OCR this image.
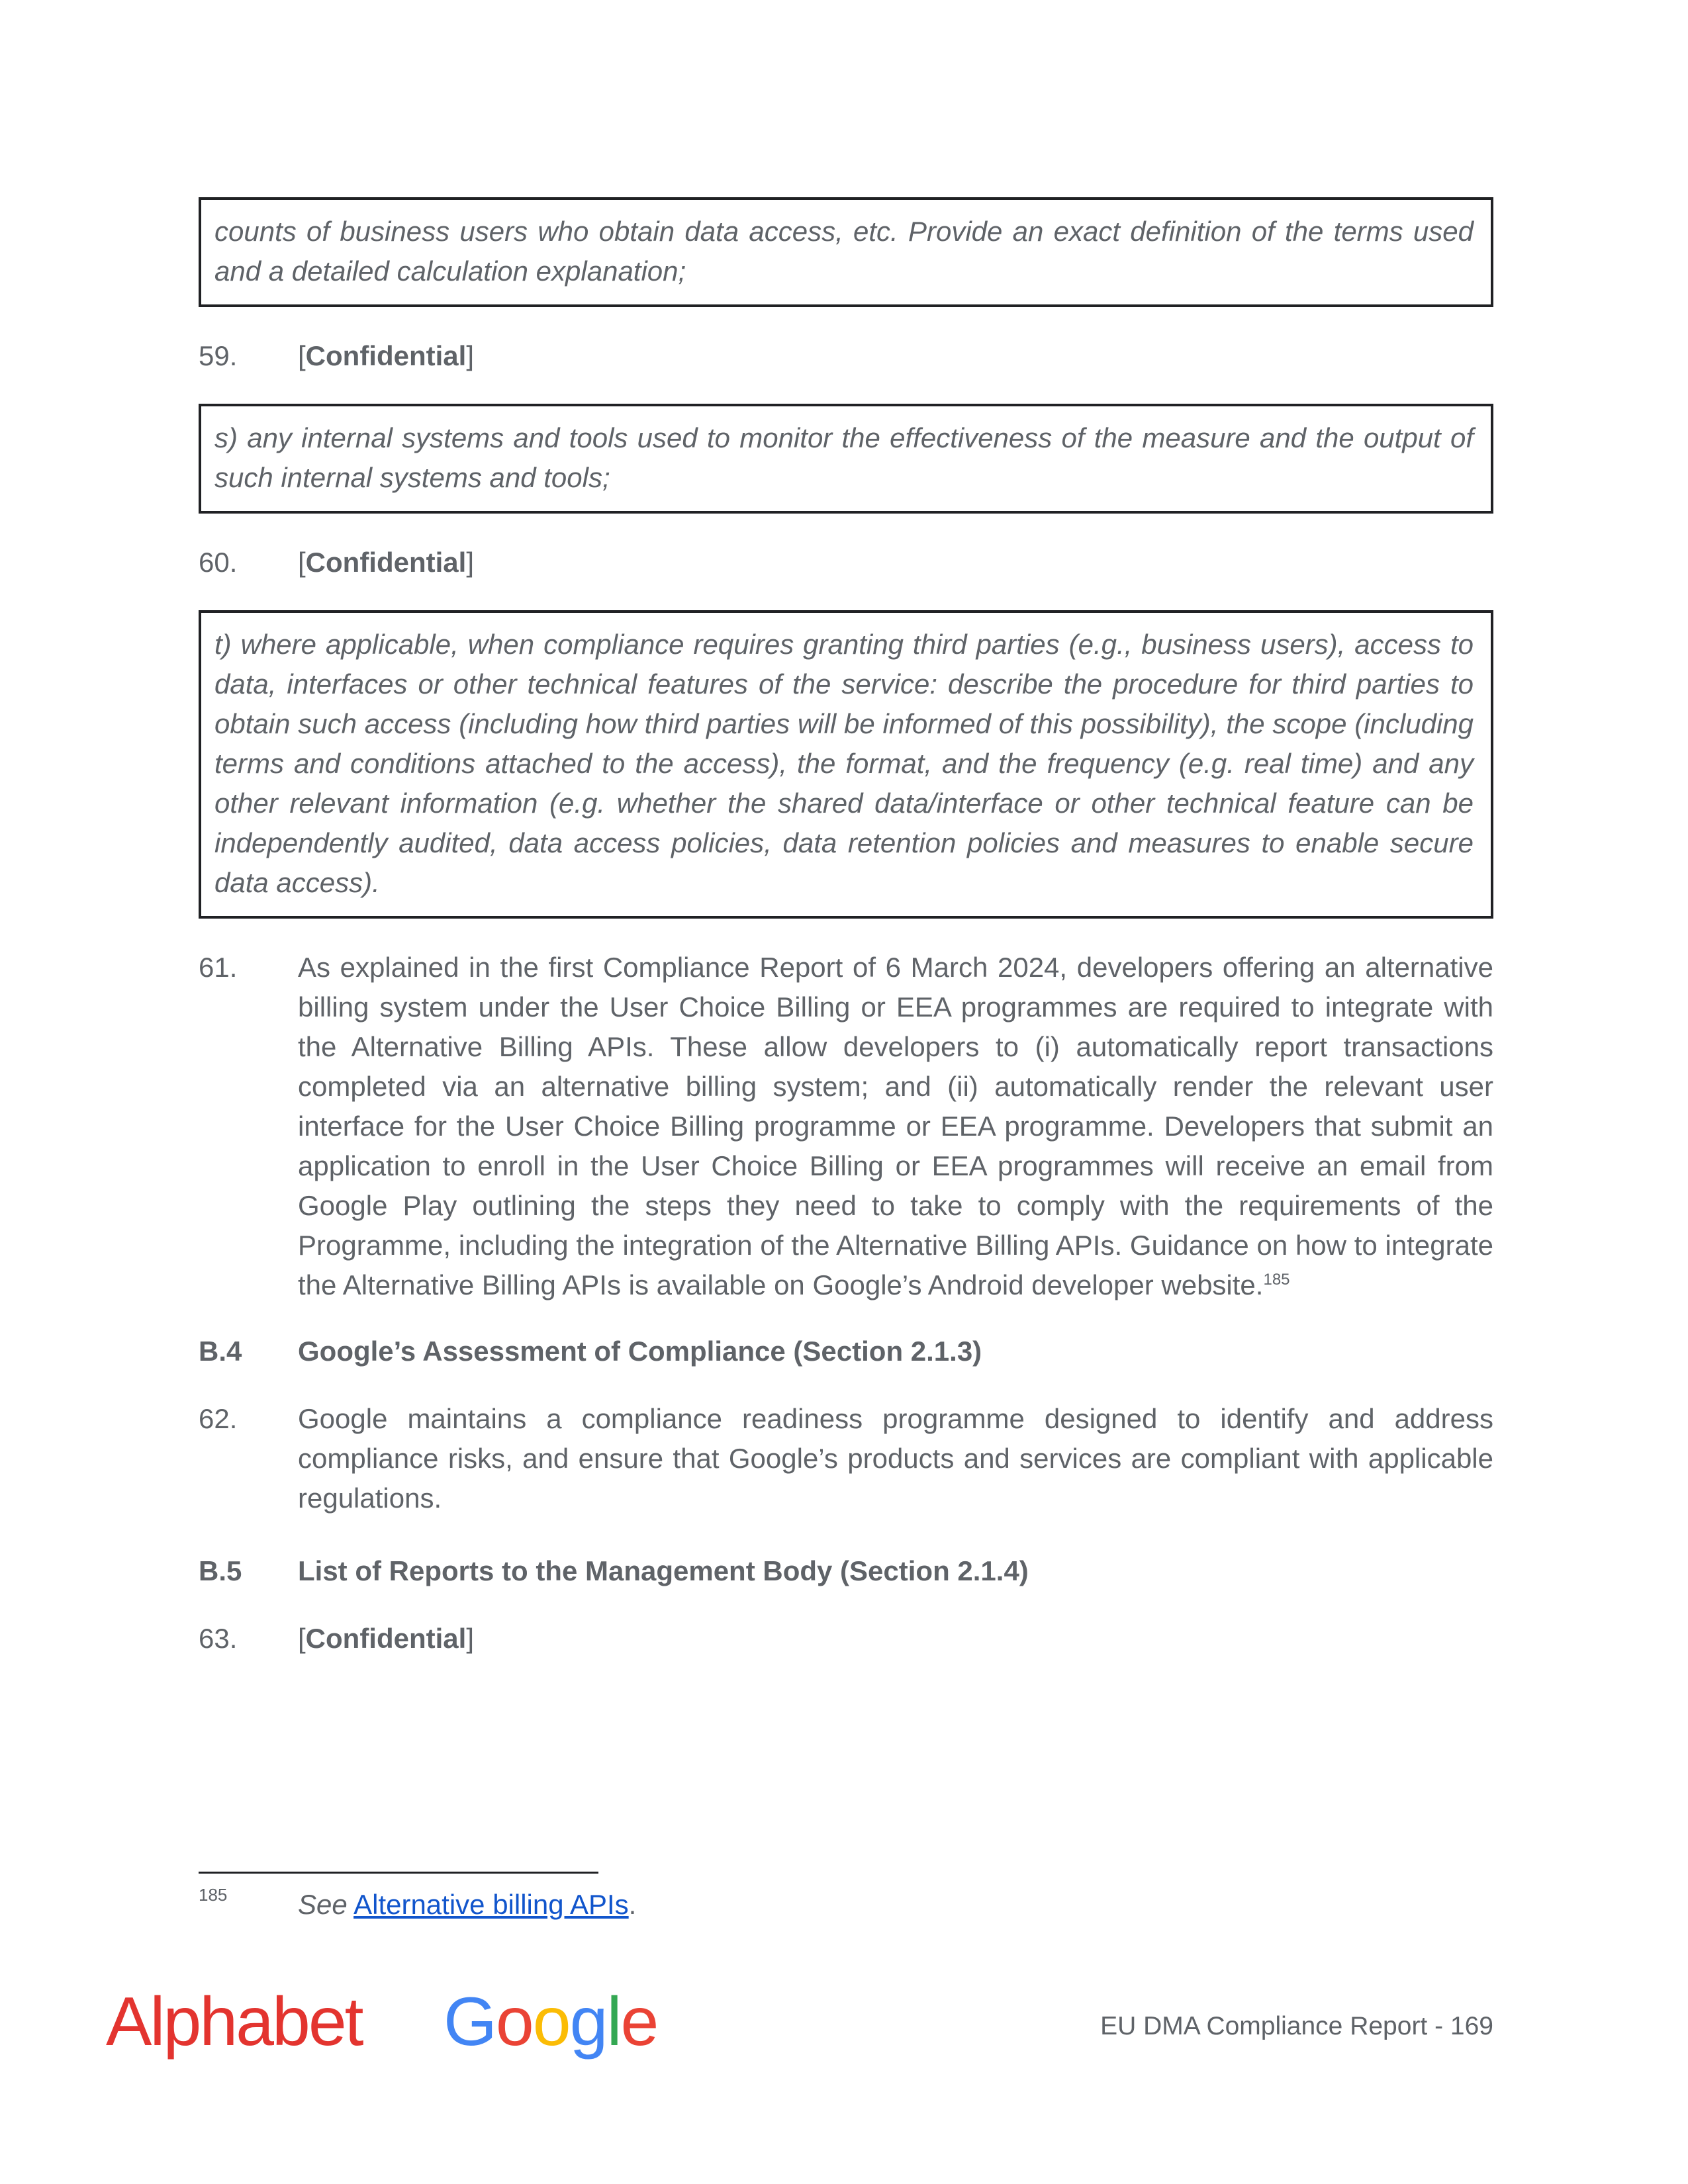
counts of business users who obtain data access, etc. Provide an exact definition of the terms used and a detailed calculation explanation;
59. [Confidential]
s) any internal systems and tools used to monitor the effectiveness of the measure and the output of such internal systems and tools;
60. [Confidential]
t) where applicable, when compliance requires granting third parties (e.g., business users), access to data, interfaces or other technical features of the service: describe the procedure for third parties to obtain such access (including how third parties will be informed of this possibility), the scope (including terms and conditions attached to the access), the format, and the frequency (e.g. real time) and any other relevant information (e.g. whether the shared data/interface or other technical feature can be independently audited, data access policies, data retention policies and measures to enable secure data access).
61. As explained in the first Compliance Report of 6 March 2024, developers offering an alternative billing system under the User Choice Billing or EEA programmes are required to integrate with the Alternative Billing APIs. These allow developers to (i) automatically report transactions completed via an alternative billing system; and (ii) automatically render the relevant user interface for the User Choice Billing programme or EEA programme. Developers that submit an application to enroll in the User Choice Billing or EEA programmes will receive an email from Google Play outlining the steps they need to take to comply with the requirements of the Programme, including the integration of the Alternative Billing APIs. Guidance on how to integrate the Alternative Billing APIs is available on Google’s Android developer website.$^{185}$
B.4 Google’s Assessment of Compliance (Section 2.1.3)
62. Google maintains a compliance readiness programme designed to identify and address compliance risks, and ensure that Google’s products and services are compliant with applicable regulations.
B.5 List of Reports to the Management Body (Section 2.1.4)
63. [Confidential]
185	See Alternative billing APIs.
Alphabet Google	EU DMA Compliance Report - 169
